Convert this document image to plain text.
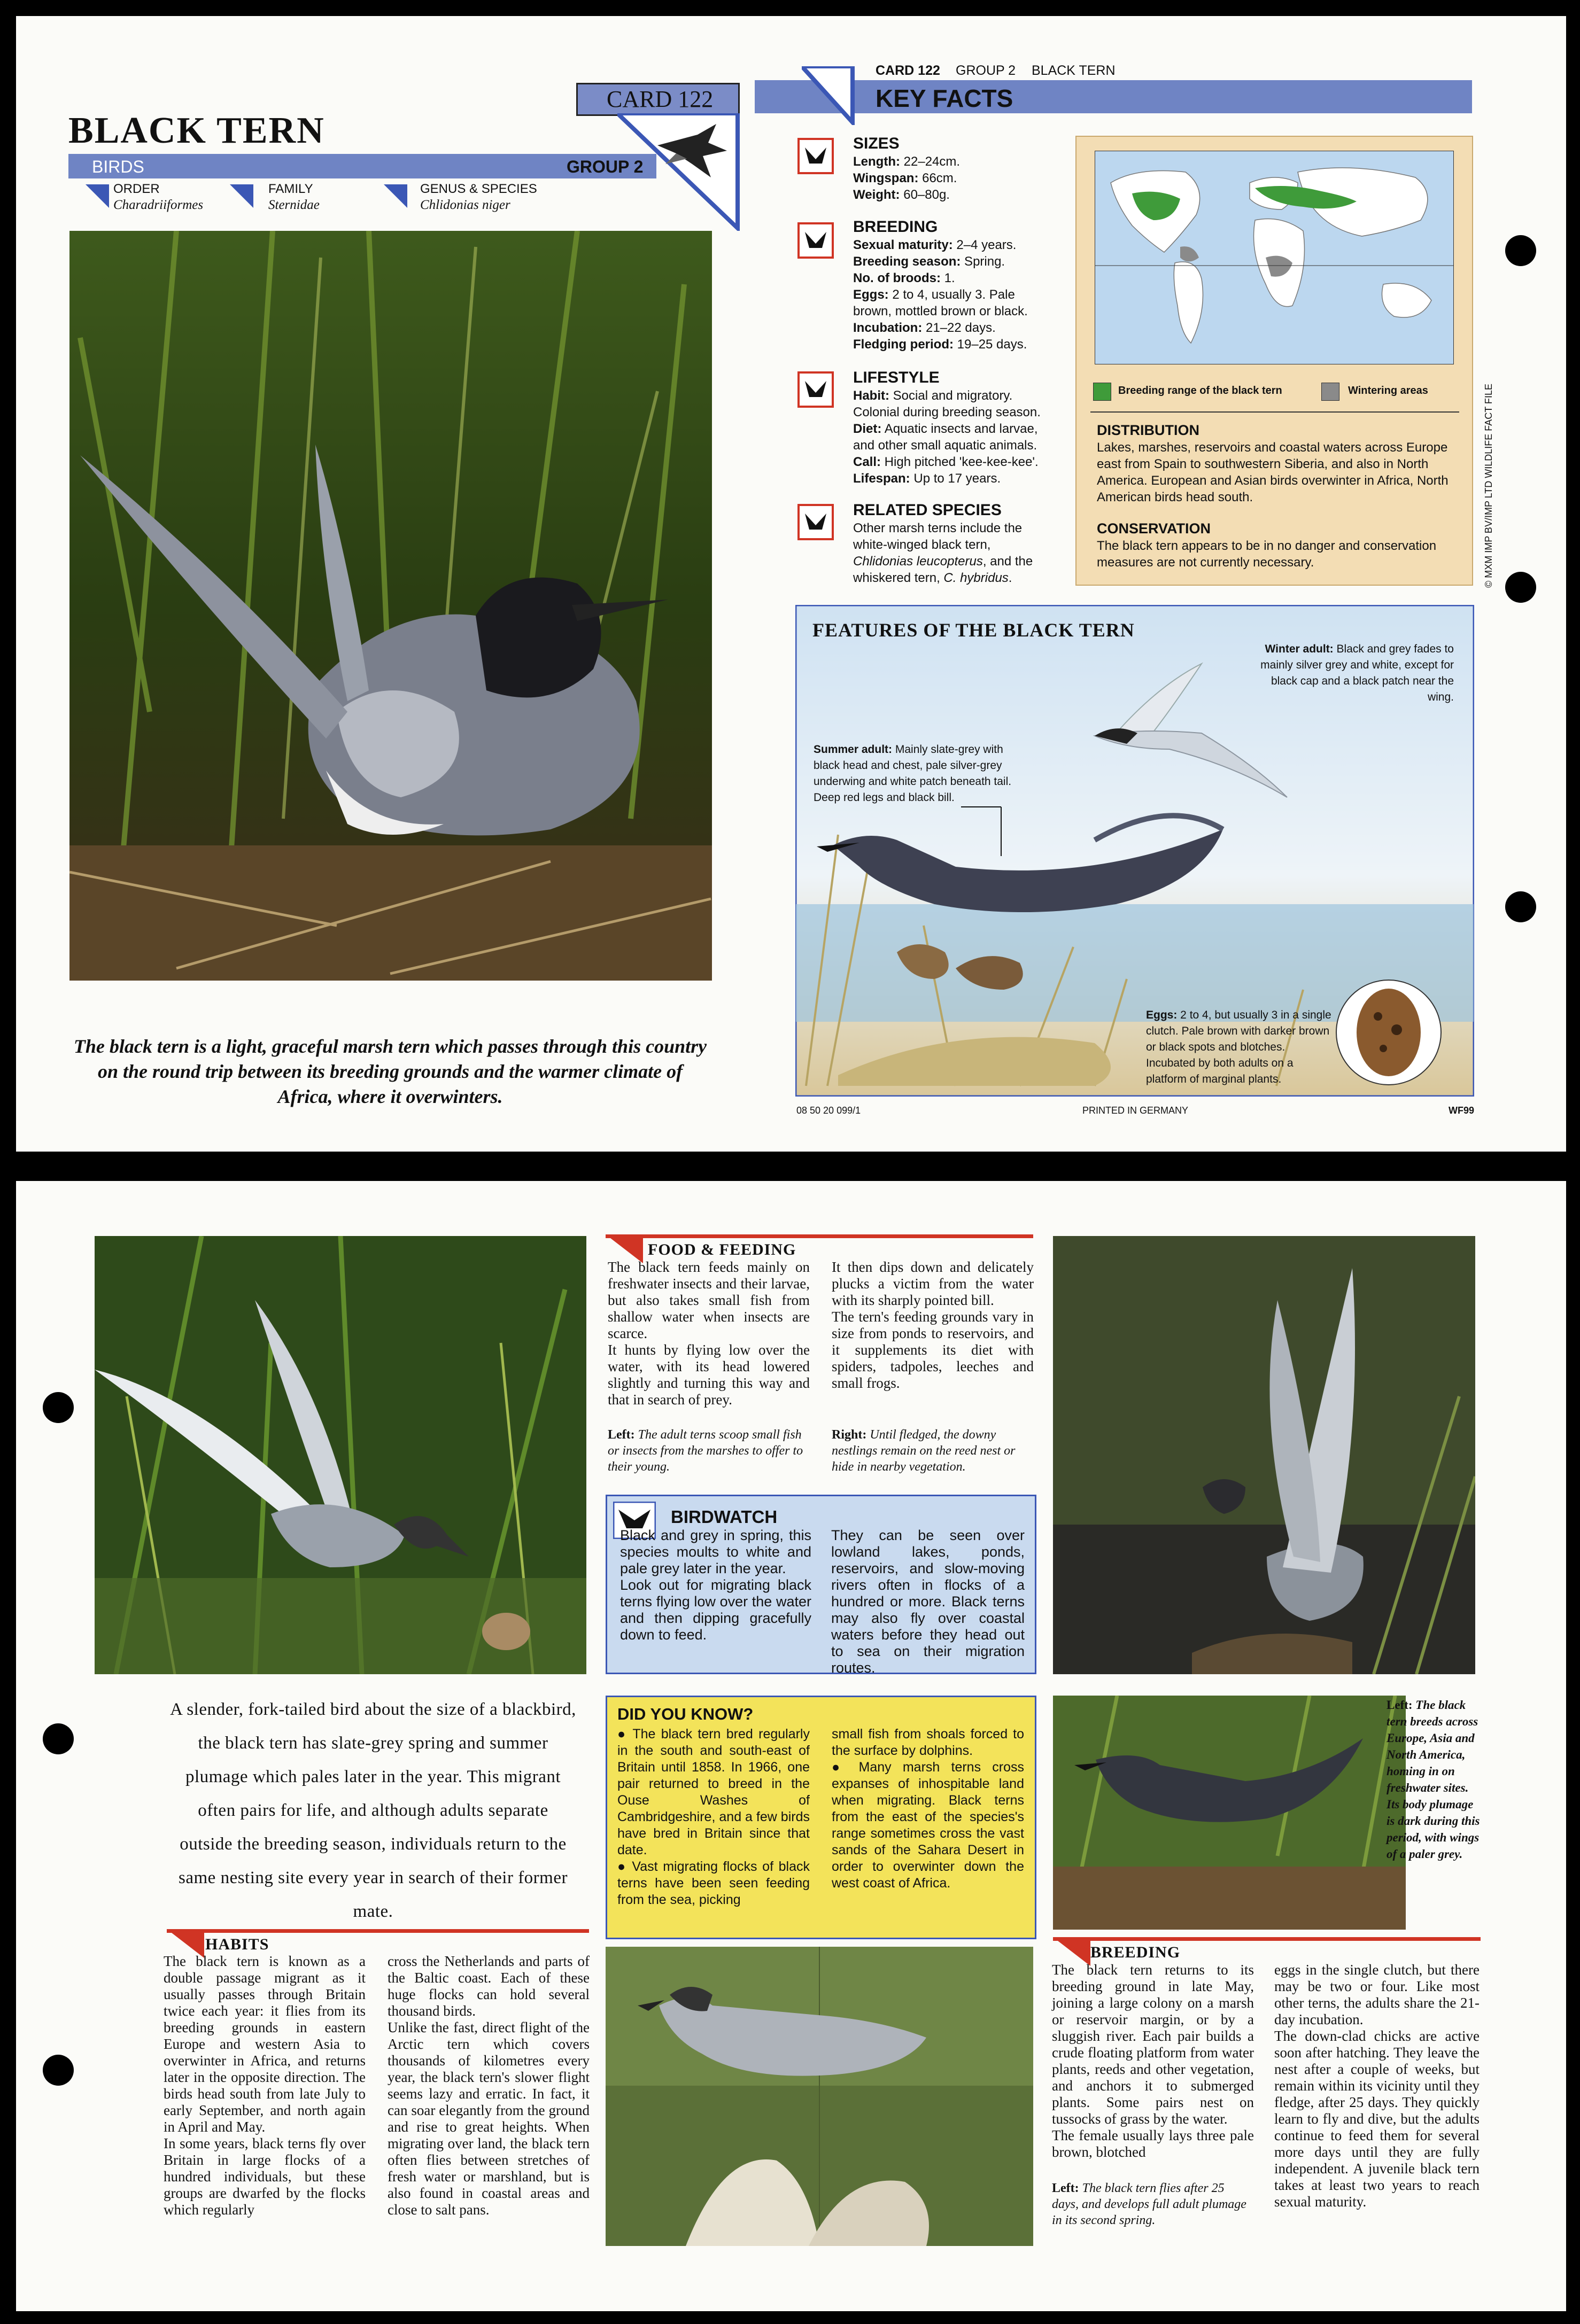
BLACK TERN
CARD 122
BIRDS	GROUP 2
ORDER
Charadriiformes
FAMILY
Sternidae
GENUS & SPECIES
Chlidonias niger
The black tern is a light, graceful marsh tern which passes through this country on the round trip between its breeding grounds and the warmer climate of Africa, where it overwinters.
CARD 122 GROUP 2 BLACK TERN
KEY FACTS
SIZES
Length: 22–24cm.
Wingspan: 66cm.
Weight: 60–80g.
BREEDING
Sexual maturity: 2–4 years.
Breeding season: Spring.
No. of broods: 1.
Eggs: 2 to 4, usually 3. Pale brown, mottled brown or black.
Incubation: 21–22 days.
Fledging period: 19–25 days.
LIFESTYLE
Habit: Social and migratory. Colonial during breeding season.
Diet: Aquatic insects and larvae, and other small aquatic animals.
Call: High pitched 'kee-kee-kee'.
Lifespan: Up to 17 years.
RELATED SPECIES
Other marsh terns include the white-winged black tern, Chlidonias leucopterus, and the whiskered tern, C. hybridus.
Breeding range of the black tern	Wintering areas
DISTRIBUTION
Lakes, marshes, reservoirs and coastal waters across Europe east from Spain to southwestern Siberia, and also in North America. European and Asian birds overwinter in Africa, North American birds head south.
CONSERVATION
The black tern appears to be in no danger and conservation measures are not currently necessary.	© MXM IMP BV/IMP LTD WILDLIFE FACT FILE
FEATURES OF THE BLACK TERN
Winter adult: Black and grey fades to mainly silver grey and white, except for black cap and a black patch near the wing.
Summer adult: Mainly slate-grey with black head and chest, pale silver-grey underwing and white patch beneath tail. Deep red legs and black bill.
Eggs: 2 to 4, but usually 3 in a single clutch. Pale brown with darker brown or black spots and blotches. Incubated by both adults on a platform of marginal plants.
08 50 20 099/1	PRINTED IN GERMANY	WF99
FOOD & FEEDING
The black tern feeds mainly on freshwater insects and their larvae, but also takes small fish from shallow water when insects are scarce.
It hunts by flying low over the water, with its head lowered slightly and turning this way and that in search of prey.
It then dips down and delicately plucks a victim from the water with its sharply pointed bill.
The tern's feeding grounds vary in size from ponds to reservoirs, and it supplements its diet with spiders, tadpoles, leeches and small frogs.
Left: The adult terns scoop small fish or insects from the marshes to offer to their young.
Right: Until fledged, the downy nestlings remain on the reed nest or hide in nearby vegetation.
BIRDWATCH
Black and grey in spring, this species moults to white and pale grey later in the year.
Look out for migrating black terns flying low over the water and then dipping gracefully down to feed.
They can be seen over lowland lakes, ponds, reservoirs, and slow-moving rivers often in flocks of a hundred or more. Black terns may also fly over coastal waters before they head out to sea on their migration routes.
A slender, fork-tailed bird about the size of a blackbird, the black tern has slate-grey spring and summer plumage which pales later in the year. This migrant often pairs for life, and although adults separate outside the breeding season, individuals return to the same nesting site every year in search of their former mate.
DID YOU KNOW?
● The black tern bred regularly in the south and south-east of Britain until 1858. In 1966, one pair returned to breed in the Ouse Washes of Cambridgeshire, and a few birds have bred in Britain since that date.
● Vast migrating flocks of black terns have been seen feeding from the sea, picking
small fish from shoals forced to the surface by dolphins.
● Many marsh terns cross expanses of inhospitable land when migrating. Black terns from the east of the species's range sometimes cross the vast sands of the Sahara Desert in order to overwinter down the west coast of Africa.
Left: The black tern breeds across Europe, Asia and North America, homing in on freshwater sites. Its body plumage is dark during this period, with wings of a paler grey.
HABITS
The black tern is known as a double passage migrant as it usually passes through Britain twice each year: it flies from its breeding grounds in eastern Europe and western Asia to overwinter in Africa, and returns later in the opposite direction. The birds head south from late July to early September, and north again in April and May.
In some years, black terns fly over Britain in large flocks of a hundred individuals, but these groups are dwarfed by the flocks which regularly
cross the Netherlands and parts of the Baltic coast. Each of these huge flocks can hold several thousand birds.
Unlike the fast, direct flight of the Arctic tern which covers thousands of kilometres every year, the black tern's slower flight seems lazy and erratic. In fact, it can soar elegantly from the ground and rise to great heights. When migrating over land, the black tern often flies between stretches of fresh water or marshland, but is also found in coastal areas and close to salt pans.
BREEDING
The black tern returns to its breeding ground in late May, joining a large colony on a marsh or reservoir margin, or by a sluggish river. Each pair builds a crude floating platform from water plants, reeds and other vegetation, and anchors it to submerged plants. Some pairs nest on tussocks of grass by the water.
The female usually lays three pale brown, blotched
Left: The black tern flies after 25 days, and develops full adult plumage in its second spring.
eggs in the single clutch, but there may be two or four. Like most other terns, the adults share the 21-day incubation.
The down-clad chicks are active soon after hatching. They leave the nest after a couple of weeks, but remain within its vicinity until they fledge, after 25 days. They quickly learn to fly and dive, but the adults continue to feed them for several more days until they are fully independent. A juvenile black tern takes at least two years to reach sexual maturity.
